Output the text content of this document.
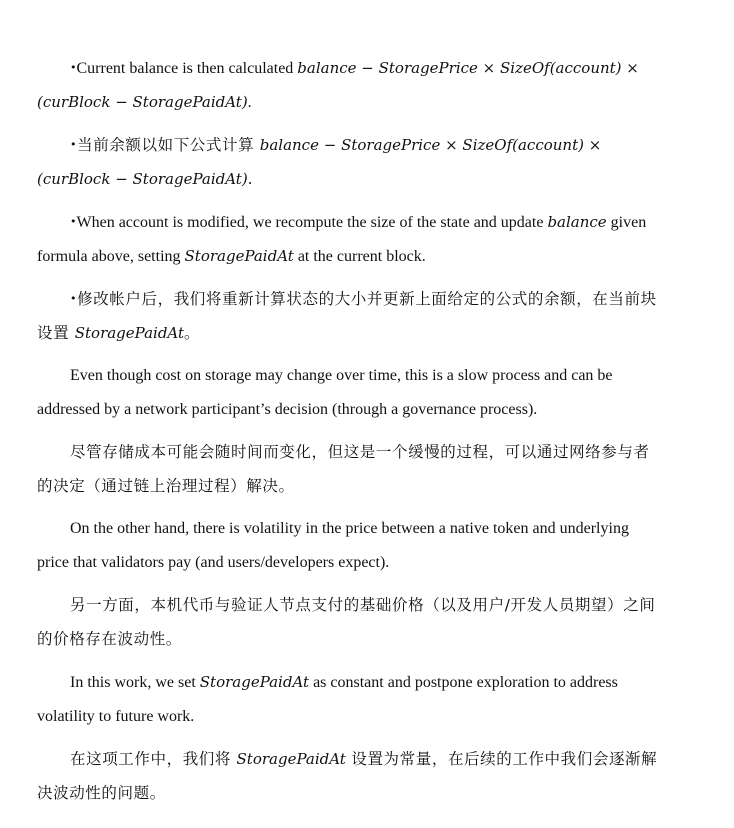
•Current balance is then calculated balance − StoragePrice × SizeOf(account) ×
(curBlock − StoragePaidAt).

•当前余额以如下公式计算 balance − StoragePrice × SizeOf(account) ×
(curBlock − StoragePaidAt).

•When account is modified, we recompute the size of the state and update balance given
formula above, setting StoragePaidAt at the current block.

•修改帐户后，我们将重新计算状态的大小并更新上面给定的公式的余额，在当前块
设置 StoragePaidAt。

Even though cost on storage may change over time, this is a slow process and can be
addressed by a network participant’s decision (through a governance process).

尽管存储成本可能会随时间而变化，但这是一个缓慢的过程，可以通过网络参与者
的决定（通过链上治理过程）解决。

On the other hand, there is volatility in the price between a native token and underlying
price that validators pay (and users/developers expect).

另一方面，本机代币与验证人节点支付的基础价格（以及用户/开发人员期望）之间
的价格存在波动性。

In this work, we set StoragePaidAt as constant and postpone exploration to address
volatility to future work.

在这项工作中，我们将 StoragePaidAt 设置为常量，在后续的工作中我们会逐渐解
决波动性的问题。
